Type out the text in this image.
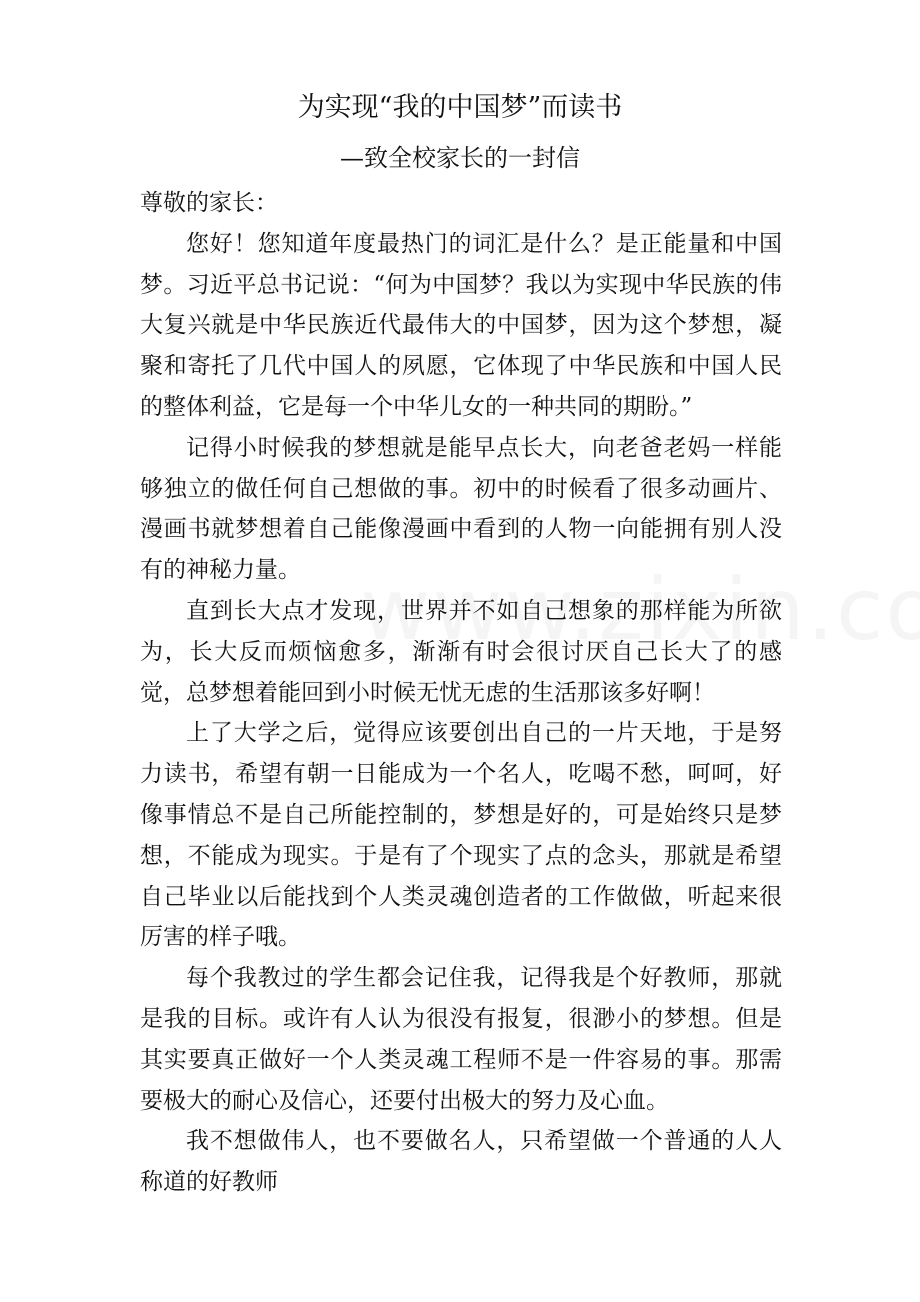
为实现“我的中国梦”而读书
—致全校家长的一封信

尊敬的家长：

您好！您知道年度最热门的词汇是什么？是正能量和中国梦。习近平总书记说：“何为中国梦？我以为实现中华民族的伟大复兴就是中华民族近代最伟大的中国梦，因为这个梦想，凝聚和寄托了几代中国人的夙愿，它体现了中华民族和中国人民的整体利益，它是每一个中华儿女的一种共同的期盼。”

记得小时候我的梦想就是能早点长大，向老爸老妈一样能够独立的做任何自己想做的事。初中的时候看了很多动画片、漫画书就梦想着自己能像漫画中看到的人物一向能拥有别人没有的神秘力量。

直到长大点才发现，世界并不如自己想象的那样能为所欲为，长大反而烦恼愈多，渐渐有时会很讨厌自己长大了的感觉，总梦想着能回到小时候无忧无虑的生活那该多好啊！

上了大学之后，觉得应该要创出自己的一片天地，于是努力读书，希望有朝一日能成为一个名人，吃喝不愁，呵呵，好像事情总不是自己所能控制的，梦想是好的，可是始终只是梦想，不能成为现实。于是有了个现实了点的念头，那就是希望自己毕业以后能找到个人类灵魂创造者的工作做做，听起来很厉害的样子哦。

每个我教过的学生都会记住我，记得我是个好教师，那就是我的目标。或许有人认为很没有报复，很渺小的梦想。但是其实要真正做好一个人类灵魂工程师不是一件容易的事。那需要极大的耐心及信心，还要付出极大的努力及心血。

我不想做伟人，也不要做名人，只希望做一个普通的人人称道的好教师
